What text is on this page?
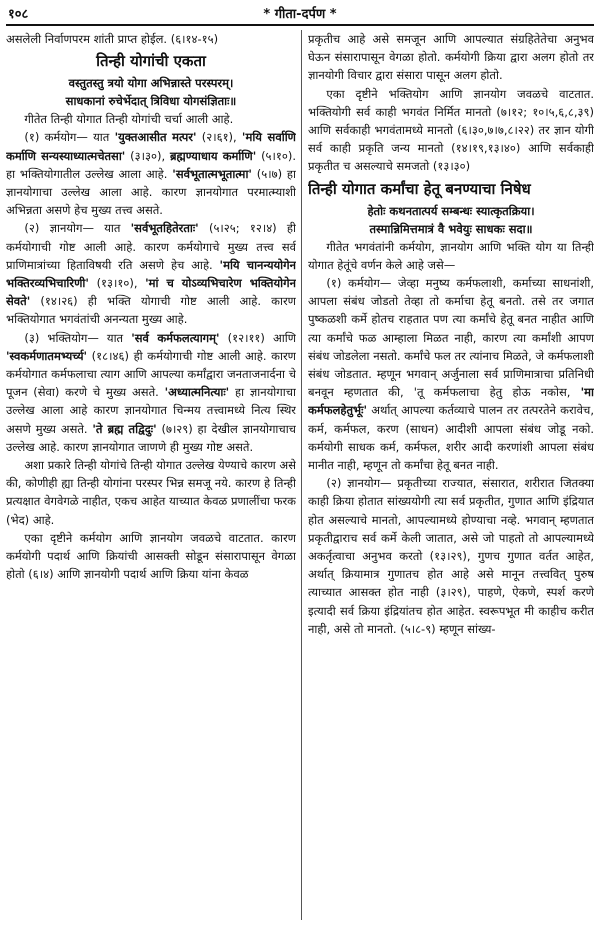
१०८	* गीता-दर्पण *

असलेली निर्वाणपरम शांती प्राप्त होईल. (६।१४-१५)

तिन्ही योगांची एकता
वस्तुतस्तु त्रयो योगा अभिन्नास्ते परस्परम्।
साधकानां रुचेर्भेदात् त्रिविधा योगसंज्ञिताः॥

गीतेत तिन्ही योगात तिन्ही योगांची चर्चा आली आहे.

(१) कर्मयोग— यात 'युक्तआसीत मत्पर' (२।६१), 'मयि सर्वाणि कर्माणि सन्यस्याध्यात्मचेतसा' (३।३०), ब्रह्मण्याधाय कर्माणि' (५।१०). हा भक्तियोगातील उल्लेख आला आहे. 'सर्वभूतात्मभूतात्मा' (५।७) हा ज्ञानयोगाचा उल्लेख आला आहे. कारण ज्ञानयोगात परमात्म्याशी अभिन्नता असणे हेच मुख्य तत्त्व असते.

(२) ज्ञानयोग— यात 'सर्वभूतहितेरताः' (५।२५; १२।४) ही कर्मयोगाची गोष्ट आली आहे. कारण कर्मयोगाचे मुख्य तत्त्व सर्व प्राणिमात्रांच्या हिताविषयी रति असणे हेच आहे. 'मयि चानन्ययोगेन भक्तिरव्यभिचारिणी' (१३।१०), 'मां च योऽव्यभिचारेण भक्तियोगेन सेवते' (१४।२६) ही भक्ति योगाची गोष्ट आली आहे. कारण भक्तियोगात भगवंतांची अनन्यता मुख्य आहे.

(३) भक्तियोग— यात 'सर्व कर्मफलत्यागम्' (१२।११) आणि 'स्वकर्मणातमभ्यर्च्य' (१८।४६) ही कर्मयोगाची गोष्ट आली आहे. कारण कर्मयोगात कर्मफलाचा त्याग आणि आपल्या कर्मांद्वारा जनताजनार्दना चे पूजन (सेवा) करणे चे मुख्य असते. 'अध्यात्मनित्याः' हा ज्ञानयोगाचा उल्लेख आला आहे कारण ज्ञानयोगात चिन्मय तत्त्वामध्ये नित्य स्थिर असणे मुख्य असते. 'ते ब्रह्म तद्विदुः' (७।२९) हा देखील ज्ञानयोगाचाच उल्लेख आहे. कारण ज्ञानयोगात जाणणे ही मुख्य गोष्ट असते.

अशा प्रकारे तिन्ही योगांचे तिन्ही योगात उल्लेख येण्याचे कारण असे की, कोणीही ह्या तिन्ही योगांना परस्पर भिन्न समजू नये. कारण हे तिन्ही प्रत्यक्षात वेगवेगळे नाहीत, एकच आहेत याच्यात केवळ प्रणालींचा फरक (भेद) आहे.

एका दृष्टीने कर्मयोग आणि ज्ञानयोग जवळचे वाटतात. कारण कर्मयोगी पदार्थ आणि क्रियांची आसक्ती सोडून संसारापासून वेगळा होतो (६।४) आणि ज्ञानयोगी पदार्थ आणि क्रिया यांना केवळ

प्रकृतीच आहे असे समजून आणि आपल्यात संग्रहितेतेचा अनुभव घेऊन संसारापासून वेगळा होतो. कर्मयोगी क्रिया द्वारा अलग होतो तर ज्ञानयोगी विचार द्वारा संसारा पासून अलग होतो.

एका दृष्टीने भक्तियोग आणि ज्ञानयोग जवळचे वाटतात. भक्तियोगी सर्व काही भगवंत निर्मित मानतो (७।१२; १०।५,६,८,३९) आणि सर्वकाही भगवंतामध्ये मानतो (६।३०,७।७,८।२२) तर ज्ञान योगी सर्व काही प्रकृति जन्य मानतो (१४।१९,१३।४०) आणि सर्वकाही प्रकृतीत च असल्याचे समजतो (१३।३०)

तिन्ही योगात कर्मांचा हेतू बनण्याचा निषेध
हेतोः कथनतात्पर्य सम्बन्धः स्यात्कृतक्रिया।
तस्मान्निमित्तमात्रं वै भवेयुः साधकः सदा॥

गीतेत भगवंतांनी कर्मयोग, ज्ञानयोग आणि भक्ति योग या तिन्ही योगात हेतूंचे वर्णन केले आहे जसे—

(१) कर्मयोग— जेव्हा मनुष्य कर्मफलाशी, कर्माच्या साधनांशी, आपला संबंध जोडतो तेव्हा तो कर्माचा हेतू बनतो. तसे तर जगात पुष्कळशी कर्मे होतच राहतात पण त्या कर्मांचे हेतू बनत नाहीत आणि त्या कर्मांचे फळ आम्हाला मिळत नाही, कारण त्या कर्मांशी आपण संबंध जोडलेला नसतो. कर्मांचे फल तर त्यांनाच मिळते, जे कर्मफलाशी संबंध जोडतात. म्हणून भगवान् अर्जुनाला सर्व प्राणिमात्राचा प्रतिनिधी बनवून म्हणतात की, 'तू कर्मफलाचा हेतु होऊ नकोस, 'मा कर्मफलहेतुर्भूः' अर्थात् आपल्या कर्तव्याचे पालन तर तत्परतेने करावेच, कर्म, कर्मफल, करण (साधन) आदीशी आपला संबंध जोडू नको. कर्मयोगी साधक कर्म, कर्मफल, शरीर आदी करणांशी आपला संबंध मानीत नाही, म्हणून तो कर्मांचा हेतू बनत नाही.

(२) ज्ञानयोग— प्रकृतीच्या राज्यात, संसारात, शरीरात जितक्या काही क्रिया होतात सांख्ययोगी त्या सर्व प्रकृतीत, गुणात आणि इंद्रियात होत असल्याचे मानतो, आपल्यामध्ये होण्याचा नव्हे. भगवान् म्हणतात प्रकृतीद्वाराच सर्व कर्मे केली जातात, असे जो पाहतो तो आपल्यामध्ये अकर्तृत्वाचा अनुभव करतो (१३।२९), गुणच गुणात वर्तत आहेत, अर्थात् क्रियामात्र गुणातच होत आहे असे मानून तत्त्ववित् पुरुष त्याच्यात आसक्त होत नाही (३।२९), पाहणे, ऐकणे, स्पर्श करणे इत्यादी सर्व क्रिया इंद्रियांतच होत आहेत. स्वरूपभूत मी काहीच करीत नाही, असे तो मानतो. (५।८-९) म्हणून सांख्य-
